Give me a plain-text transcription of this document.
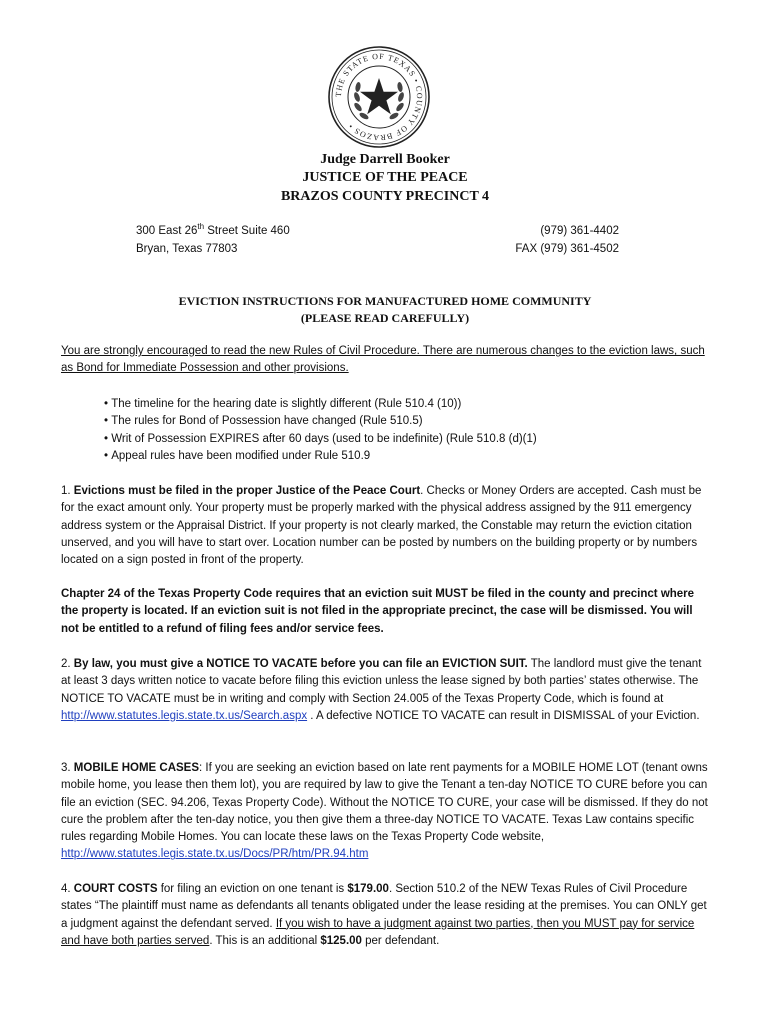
THE STATE OF TEXAS • COUNTY OF BRAZOS •
Judge Darrell Booker
JUSTICE OF THE PEACE
BRAZOS COUNTY PRECINCT 4
300 East 26th Street Suite 460
Bryan, Texas 77803
(979) 361-4402
FAX (979) 361-4502
EVICTION INSTRUCTIONS FOR MANUFACTURED HOME COMMUNITY
(PLEASE READ CAREFULLY)
You are strongly encouraged to read the new Rules of Civil Procedure. There are numerous changes to the eviction laws, such as Bond for Immediate Possession and other provisions.
• The timeline for the hearing date is slightly different (Rule 510.4 (10))
• The rules for Bond of Possession have changed (Rule 510.5)
• Writ of Possession EXPIRES after 60 days (used to be indefinite) (Rule 510.8 (d)(1)
• Appeal rules have been modified under Rule 510.9
1. Evictions must be filed in the proper Justice of the Peace Court. Checks or Money Orders are accepted. Cash must be for the exact amount only. Your property must be properly marked with the physical address assigned by the 911 emergency address system or the Appraisal District. If your property is not clearly marked, the Constable may return the eviction citation unserved, and you will have to start over. Location number can be posted by numbers on the building property or by numbers located on a sign posted in front of the property.
Chapter 24 of the Texas Property Code requires that an eviction suit MUST be filed in the county and precinct where the property is located. If an eviction suit is not filed in the appropriate precinct, the case will be dismissed. You will not be entitled to a refund of filing fees and/or service fees.
2. By law, you must give a NOTICE TO VACATE before you can file an EVICTION SUIT. The landlord must give the tenant at least 3 days written notice to vacate before filing this eviction unless the lease signed by both parties’ states otherwise. The NOTICE TO VACATE must be in writing and comply with Section 24.005 of the Texas Property Code, which is found at http://www.statutes.legis.state.tx.us/Search.aspx . A defective NOTICE TO VACATE can result in DISMISSAL of your Eviction.
3. MOBILE HOME CASES: If you are seeking an eviction based on late rent payments for a MOBILE HOME LOT (tenant owns mobile home, you lease then them lot), you are required by law to give the Tenant a ten-day NOTICE TO CURE before you can file an eviction (SEC. 94.206, Texas Property Code). Without the NOTICE TO CURE, your case will be dismissed. If they do not cure the problem after the ten-day notice, you then give them a three-day NOTICE TO VACATE. Texas Law contains specific rules regarding Mobile Homes. You can locate these laws on the Texas Property Code website, http://www.statutes.legis.state.tx.us/Docs/PR/htm/PR.94.htm
4. COURT COSTS for filing an eviction on one tenant is $179.00. Section 510.2 of the NEW Texas Rules of Civil Procedure states “The plaintiff must name as defendants all tenants obligated under the lease residing at the premises. You can ONLY get a judgment against the defendant served. If you wish to have a judgment against two parties, then you MUST pay for service and have both parties served. This is an additional $125.00 per defendant.
